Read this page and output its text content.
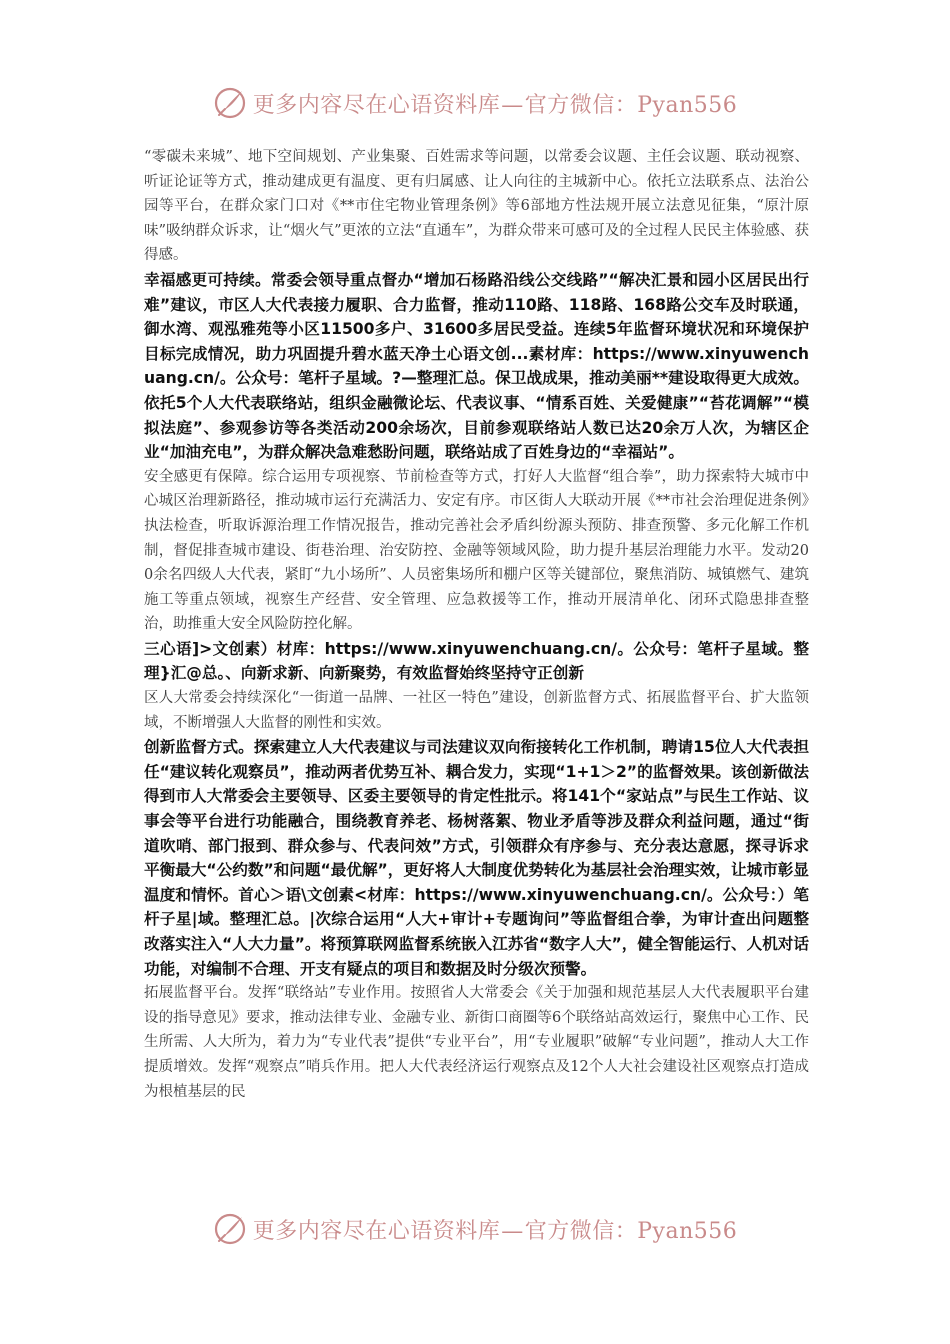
更多内容尽在心语资料库—官方微信：Pyan556

“零碳未来城”、地下空间规划、产业集聚、百姓需求等问题，以常委会议题、主任会议题、联动视察、听证论证等方式，推动建成更有温度、更有归属感、让人向往的主城新中心。依托立法联系点、法治公园等平台，在群众家门口对《**市住宅物业管理条例》等6部地方性法规开展立法意见征集，“原汁原味”吸纳群众诉求，让“烟火气”更浓的立法“直通车”，为群众带来可感可及的全过程人民民主体验感、获得感。

幸福感更可持续。常委会领导重点督办“增加石杨路沿线公交线路”“解决汇景和园小区居民出行难”建议，市区人大代表接力履职、合力监督，推动110路、118路、168路公交车及时联通，御水湾、观泓雅苑等小区11500多户、31600多居民受益。连续5年监督环境状况和环境保护目标完成情况，助力巩固提升碧水蓝天净土心语文创...素材库：https://www.xinyuwenchuang.cn/。公众号：笔杆子星域。?—整理汇总。保卫战成果，推动美丽**建设取得更大成效。依托5个人大代表联络站，组织金融微论坛、代表议事、“情系百姓、关爱健康”“苔花调解”“模拟法庭”、参观参访等各类活动200余场次，目前参观联络站人数已达20余万人次，为辖区企业“加油充电”，为群众解决急难愁盼问题，联络站成了百姓身边的“幸福站”。

安全感更有保障。综合运用专项视察、节前检查等方式，打好人大监督“组合拳”，助力探索特大城市中心城区治理新路径，推动城市运行充满活力、安定有序。市区街人大联动开展《**市社会治理促进条例》执法检查，听取诉源治理工作情况报告，推动完善社会矛盾纠纷源头预防、排查预警、多元化解工作机制，督促排查城市建设、街巷治理、治安防控、金融等领域风险，助力提升基层治理能力水平。发动200余名四级人大代表，紧盯“九小场所”、人员密集场所和棚户区等关键部位，聚焦消防、城镇燃气、建筑施工等重点领域，视察生产经营、安全管理、应急救援等工作，推动开展清单化、闭环式隐患排查整治，助推重大安全风险防控化解。

三心语]>文创素）材库：https://www.xinyuwenchuang.cn/。公众号：笔杆子星域。整理}汇@总。、向新求新、向新聚势，有效监督始终坚持守正创新

区人大常委会持续深化“一街道一品牌、一社区一特色”建设，创新监督方式、拓展监督平台、扩大监领域，不断增强人大监督的刚性和实效。

创新监督方式。探索建立人大代表建议与司法建议双向衔接转化工作机制，聘请15位人大代表担任“建议转化观察员”，推动两者优势互补、耦合发力，实现“1+1＞2”的监督效果。该创新做法得到市人大常委会主要领导、区委主要领导的肯定性批示。将141个“家站点”与民生工作站、议事会等平台进行功能融合，围绕教育养老、杨树落絮、物业矛盾等涉及群众利益问题，通过“街道吹哨、部门报到、群众参与、代表问效”方式，引领群众有序参与、充分表达意愿，探寻诉求平衡最大“公约数”和问题“最优解”，更好将人大制度优势转化为基层社会治理实效，让城市彰显温度和情怀。首心＞语\文创素<材库：https://www.xinyuwenchuang.cn/。公众号：）笔杆子星|域。整理汇总。|次综合运用“人大+审计+专题询问”等监督组合拳，为审计查出问题整改落实注入“人大力量”。将预算联网监督系统嵌入江苏省“数字人大”，健全智能运行、人机对话功能，对编制不合理、开支有疑点的项目和数据及时分级次预警。

拓展监督平台。发挥“联络站”专业作用。按照省人大常委会《关于加强和规范基层人大代表履职平台建设的指导意见》要求，推动法律专业、金融专业、新街口商圈等6个联络站高效运行，聚焦中心工作、民生所需、人大所为，着力为“专业代表”提供“专业平台”，用“专业履职”破解“专业问题”，推动人大工作提质增效。发挥“观察点”哨兵作用。把人大代表经济运行观察点及12个人大社会建设社区观察点打造成为根植基层的民

更多内容尽在心语资料库—官方微信：Pyan556
